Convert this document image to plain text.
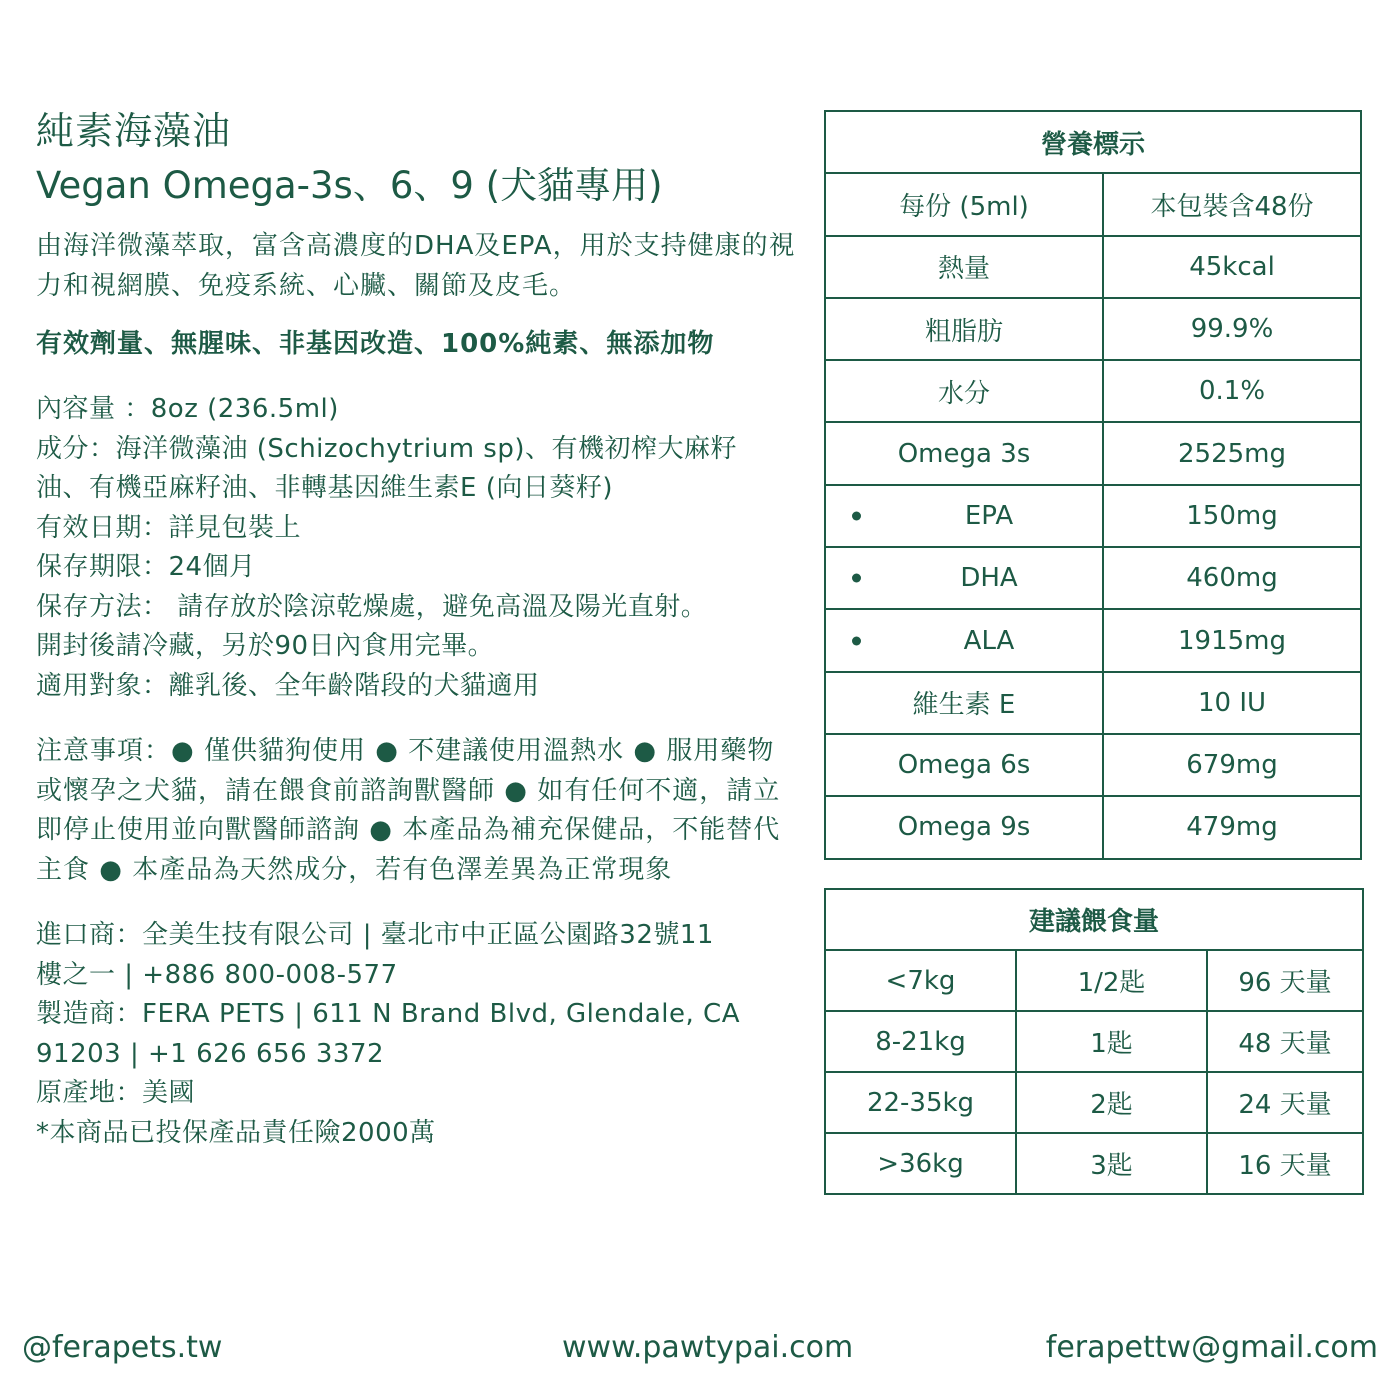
純素海藻油
Vegan Omega-3s、6、9 (犬貓專用)
由海洋微藻萃取，富含高濃度的DHA及EPA，用於支持健康的視力和視網膜、免疫系統、心臟、關節及皮毛。
有效劑量、無腥味、非基因改造、100%純素、無添加物
內容量 ：8oz (236.5ml)
成分：海洋微藻油 (Schizochytrium sp)、有機初榨大麻籽
油、有機亞麻籽油、非轉基因維生素E (向日葵籽)
有效日期：詳見包裝上
保存期限：24個月
保存方法： 請存放於陰涼乾燥處，避免高溫及陽光直射。
開封後請冷藏，另於90日內食用完畢。
適用對象：離乳後、全年齡階段的犬貓適用
注意事項：● 僅供貓狗使用 ● 不建議使用溫熱水 ● 服用藥物或懷孕之犬貓，請在餵食前諮詢獸醫師 ● 如有任何不適，請立即停止使用並向獸醫師諮詢 ● 本產品為補充保健品，不能替代主食 ● 本產品為天然成分，若有色澤差異為正常現象
進口商：全美生技有限公司 | 臺北市中正區公園路32號11
樓之一 | +886 800-008-577
製造商：FERA PETS | 611 N Brand Blvd, Glendale, CA
91203 | +1 626 656 3372
原產地：美國
*本商品已投保產品責任險2000萬
營養標示	
每份 (5ml)	本包裝含48份
熱量	45kcal
粗脂肪	99.9%
水分	0.1%
Omega 3s	2525mg

EPA	150mg

DHA	460mg

ALA	1915mg
維生素 E	10 IU
Omega 6s	679mg
Omega 9s	479mg
建議餵食量		
<7kg	1/2匙	96 天量
8-21kg	1匙	48 天量
22-35kg	2匙	24 天量
>36kg	3匙	16 天量
@ferapets.tw	www.pawtypai.com	ferapettw@gmail.com
